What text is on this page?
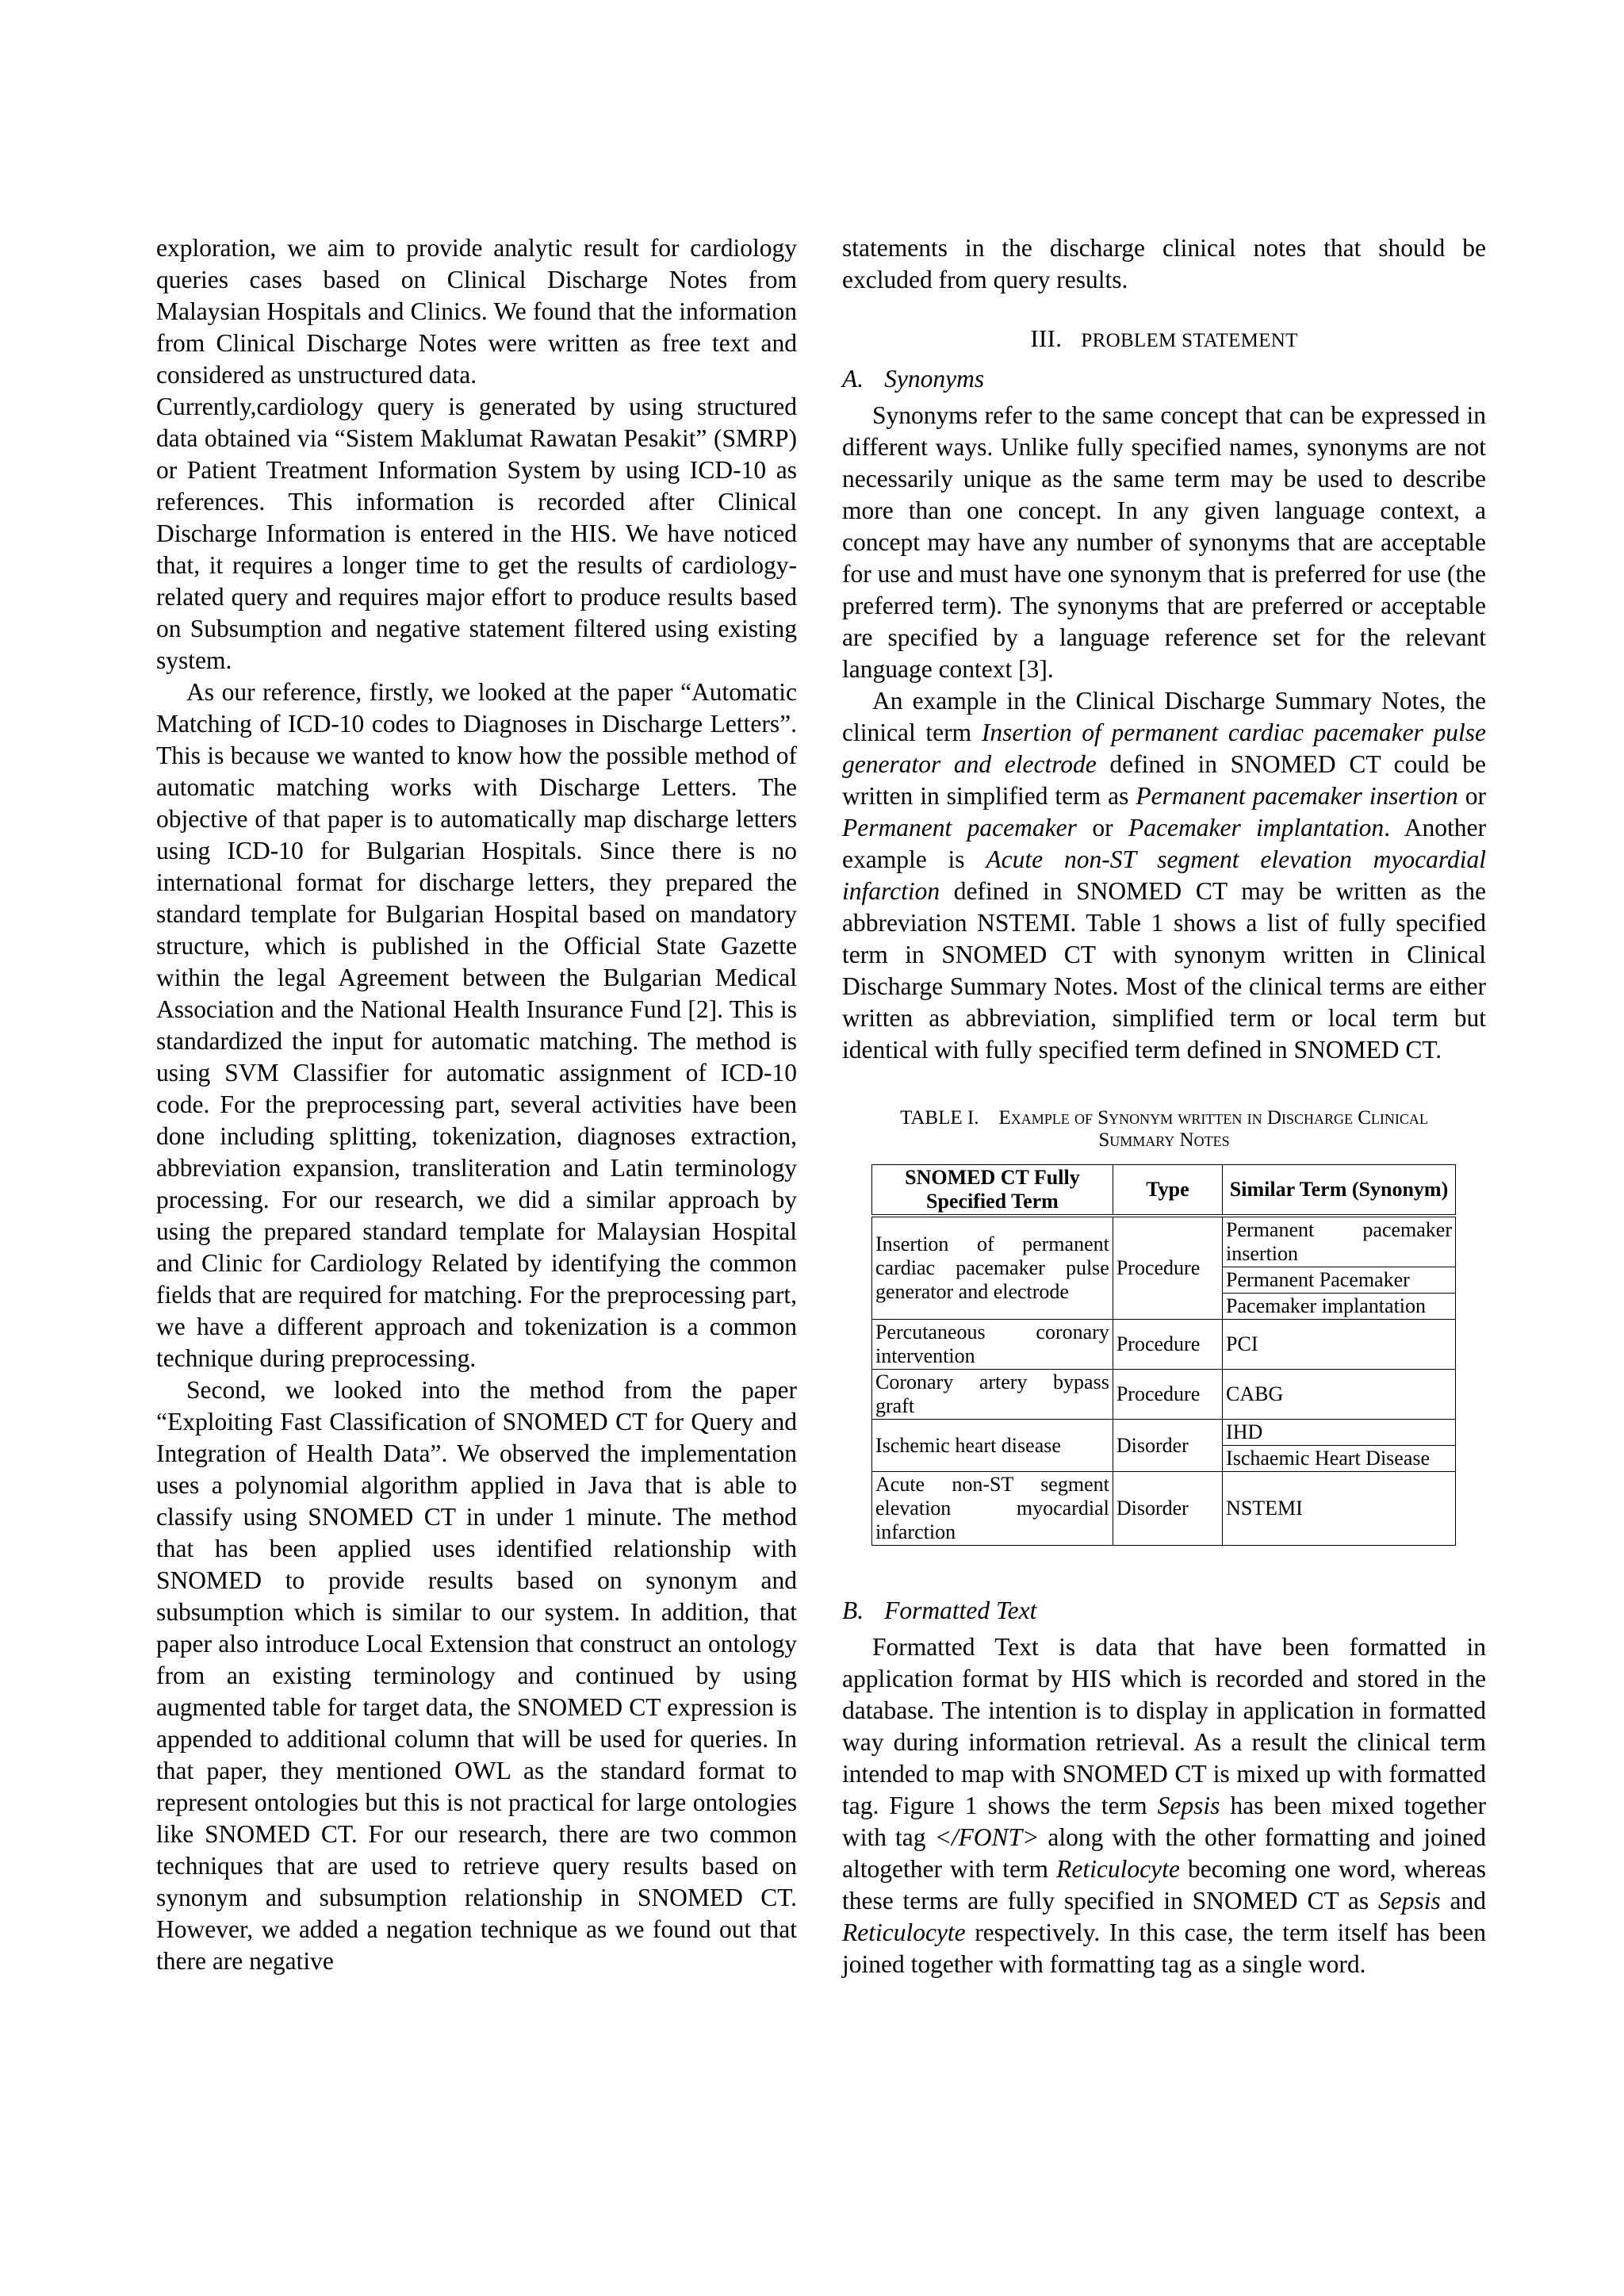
exploration, we aim to provide analytic result for cardiology queries cases based on Clinical Discharge Notes from Malaysian Hospitals and Clinics. We found that the information from Clinical Discharge Notes were written as free text and considered as unstructured data.

Currently,cardiology query is generated by using structured data obtained via “Sistem Maklumat Rawatan Pesakit” (SMRP) or Patient Treatment Information System by using ICD-10 as references. This information is recorded after Clinical Discharge Information is entered in the HIS. We have noticed that, it requires a longer time to get the results of cardiology-related query and requires major effort to produce results based on Subsumption and negative statement filtered using existing system.

As our reference, firstly, we looked at the paper “Automatic Matching of ICD-10 codes to Diagnoses in Discharge Letters”. This is because we wanted to know how the possible method of automatic matching works with Discharge Letters. The objective of that paper is to automatically map discharge letters using ICD-10 for Bulgarian Hospitals. Since there is no international format for discharge letters, they prepared the standard template for Bulgarian Hospital based on mandatory structure, which is published in the Official State Gazette within the legal Agreement between the Bulgarian Medical Association and the National Health Insurance Fund [2]. This is standardized the input for automatic matching. The method is using SVM Classifier for automatic assignment of ICD-10 code. For the preprocessing part, several activities have been done including splitting, tokenization, diagnoses extraction, abbreviation expansion, transliteration and Latin terminology processing. For our research, we did a similar approach by using the prepared standard template for Malaysian Hospital and Clinic for Cardiology Related by identifying the common fields that are required for matching. For the preprocessing part, we have a different approach and tokenization is a common technique during preprocessing.

Second, we looked into the method from the paper “Exploiting Fast Classification of SNOMED CT for Query and Integration of Health Data”. We observed the implementation uses a polynomial algorithm applied in Java that is able to classify using SNOMED CT in under 1 minute. The method that has been applied uses identified relationship with SNOMED to provide results based on synonym and subsumption which is similar to our system. In addition, that paper also introduce Local Extension that construct an ontology from an existing terminology and continued by using augmented table for target data, the SNOMED CT expression is appended to additional column that will be used for queries. In that paper, they mentioned OWL as the standard format to represent ontologies but this is not practical for large ontologies like SNOMED CT. For our research, there are two common techniques that are used to retrieve query results based on synonym and subsumption relationship in SNOMED CT. However, we added a negation technique as we found out that there are negative

statements in the discharge clinical notes that should be excluded from query results.

III. PROBLEM STATEMENT
A. Synonyms

Synonyms refer to the same concept that can be expressed in different ways. Unlike fully specified names, synonyms are not necessarily unique as the same term may be used to describe more than one concept. In any given language context, a concept may have any number of synonyms that are acceptable for use and must have one synonym that is preferred for use (the preferred term). The synonyms that are preferred or acceptable are specified by a language reference set for the relevant language context [3].

An example in the Clinical Discharge Summary Notes, the clinical term Insertion of permanent cardiac pacemaker pulse generator and electrode defined in SNOMED CT could be written in simplified term as Permanent pacemaker insertion or Permanent pacemaker or Pacemaker implantation. Another example is Acute non-ST segment elevation myocardial infarction defined in SNOMED CT may be written as the abbreviation NSTEMI. Table 1 shows a list of fully specified term in SNOMED CT with synonym written in Clinical Discharge Summary Notes. Most of the clinical terms are either written as abbreviation, simplified term or local term but identical with fully specified term defined in SNOMED CT.

TABLE I. Example of Synonym written in Discharge Clinical
Summary Notes
SNOMED CT Fully Specified Term	Type	Similar Term (Synonym)
Insertion of permanent cardiac pacemaker pulse generator and electrode	Procedure	Permanent pacemaker insertion
		Permanent Pacemaker
		Pacemaker implantation
Percutaneous coronary intervention	Procedure	PCI
Coronary artery bypass graft	Procedure	CABG
Ischemic heart disease	Disorder	IHD
		Ischaemic Heart Disease
Acute non-ST segment elevation myocardial infarction	Disorder	NSTEMI
B. Formatted Text

Formatted Text is data that have been formatted in application format by HIS which is recorded and stored in the database. The intention is to display in application in formatted way during information retrieval. As a result the clinical term intended to map with SNOMED CT is mixed up with formatted tag. Figure 1 shows the term Sepsis has been mixed together with tag </FONT> along with the other formatting and joined altogether with term Reticulocyte becoming one word, whereas these terms are fully specified in SNOMED CT as Sepsis and Reticulocyte respectively. In this case, the term itself has been joined together with formatting tag as a single word.
